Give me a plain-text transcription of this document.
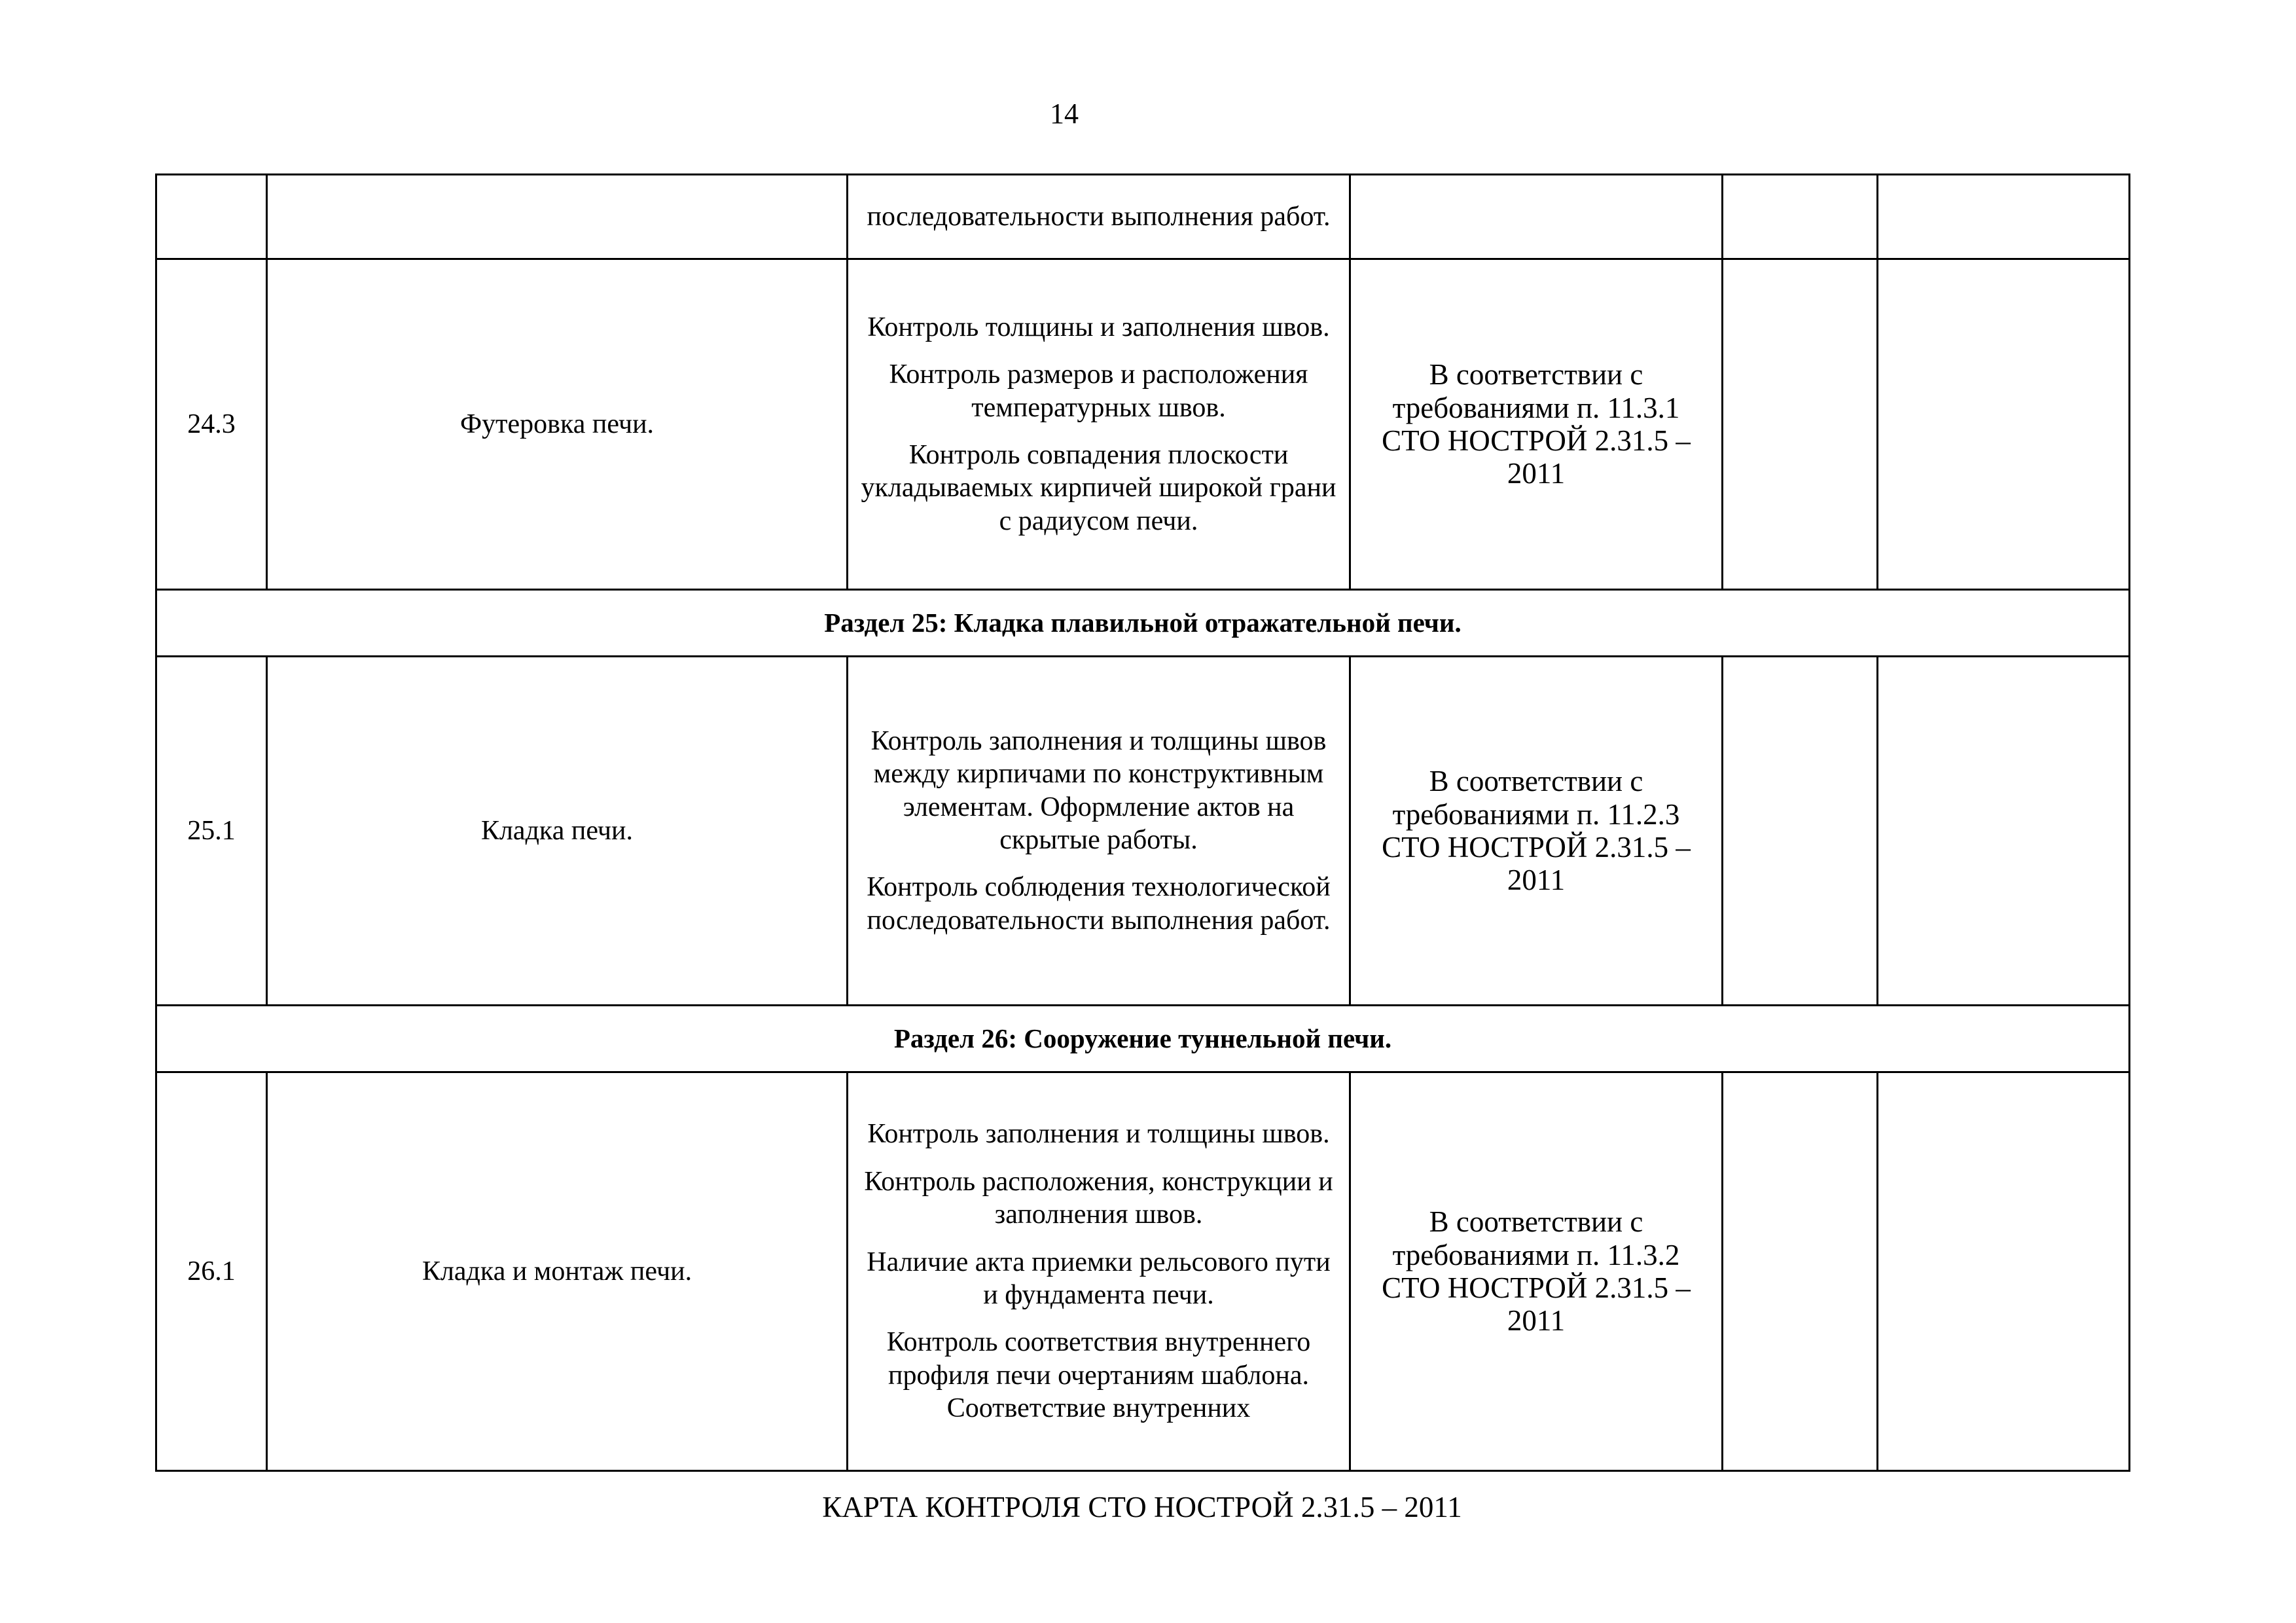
14

		последовательности выполнения работ.			

24.3	Футеровка печи.	Контроль толщины и заполнения швов.

Контроль размеров и расположения температурных швов.

Контроль совпадения плоскости укладываемых кирпичей широкой грани с радиусом печи.	В соответствии с требованиями п. 11.3.1 СТО НОСТРОЙ 2.31.5 – 2011		
Раздел 25: Кладка плавильной отражательной печи.					
25.1	Кладка печи.	Контроль заполнения и толщины швов между кирпичами по конструктивным элементам. Оформление актов на скрытые работы.

Контроль соблюдения технологической последовательности выполнения работ.	В соответствии с требованиями п. 11.2.3 СТО НОСТРОЙ 2.31.5 – 2011		
Раздел 26: Сооружение туннельной печи.					
26.1	Кладка и монтаж печи.	Контроль заполнения и толщины швов.

Контроль расположения, конструкции и заполнения швов.

Наличие акта приемки рельсового пути и фундамента печи.

Контроль соответствия внутреннего профиля печи очертаниям шаблона. Соответствие внутренних	В соответствии с требованиями п. 11.3.2 СТО НОСТРОЙ 2.31.5 – 2011		
КАРТА КОНТРОЛЯ СТО НОСТРОЙ 2.31.5 – 2011
